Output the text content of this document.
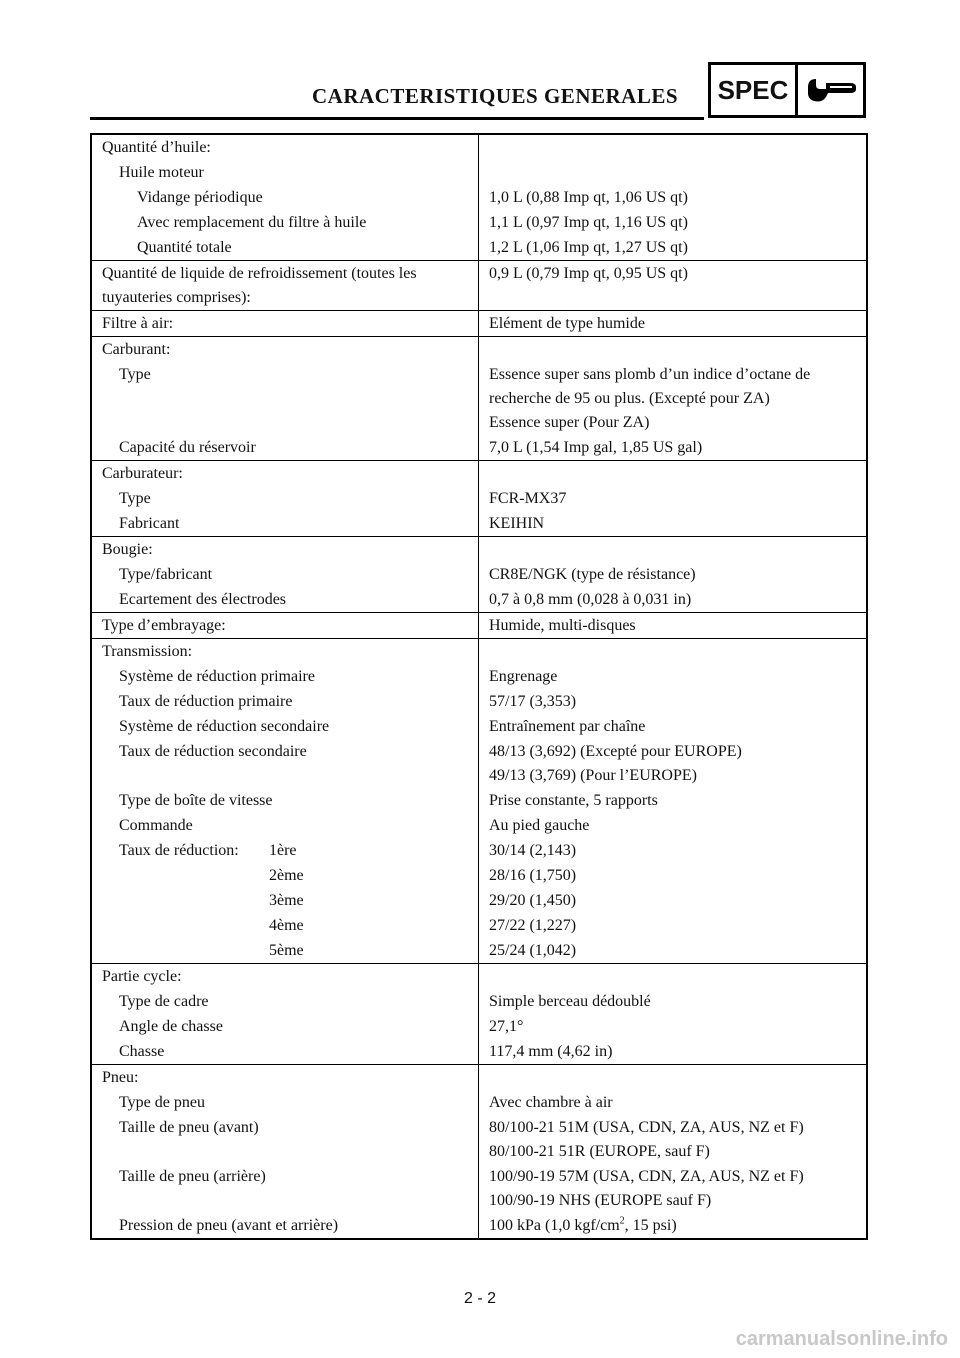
CARACTERISTIQUES GENERALES SPEC
Quantité d’huile:	
Huile moteur	
Vidange périodique	1,0 L (0,88 Imp qt, 1,06 US qt)
Avec remplacement du filtre à huile	1,1 L (0,97 Imp qt, 1,16 US qt)
Quantité totale	1,2 L (1,06 Imp qt, 1,27 US qt)
Quantité de liquide de refroidissement (toutes les tuyauteries comprises):	0,9 L (0,79 Imp qt, 0,95 US qt)
Filtre à air:	Elément de type humide
Carburant:	
Type	Essence super sans plomb d’un indice d’octane de recherche de 95 ou plus. (Excepté pour ZA)
Essence super (Pour ZA)
Capacité du réservoir	7,0 L (1,54 Imp gal, 1,85 US gal)
Carburateur:	
Type	FCR-MX37
Fabricant	KEIHIN
Bougie:	
Type/fabricant	CR8E/NGK (type de résistance)
Ecartement des électrodes	0,7 à 0,8 mm (0,028 à 0,031 in)
Type d’embrayage:	Humide, multi-disques
Transmission:	
Système de réduction primaire	Engrenage
Taux de réduction primaire	57/17 (3,353)
Système de réduction secondaire	Entraînement par chaîne
Taux de réduction secondaire	48/13 (3,692) (Excepté pour EUROPE)
49/13 (3,769) (Pour l’EUROPE)
Type de boîte de vitesse	Prise constante, 5 rapports
Commande	Au pied gauche
Taux de réduction: 1ère	30/14 (2,143)
2ème	28/16 (1,750)
3ème	29/20 (1,450)
4ème	27/22 (1,227)
5ème	25/24 (1,042)
Partie cycle:	
Type de cadre	Simple berceau dédoublé
Angle de chasse	27,1°
Chasse	117,4 mm (4,62 in)
Pneu:	
Type de pneu	Avec chambre à air
Taille de pneu (avant)	80/100-21 51M (USA, CDN, ZA, AUS, NZ et F)
80/100-21 51R (EUROPE, sauf F)
Taille de pneu (arrière)	100/90-19 57M (USA, CDN, ZA, AUS, NZ et F)
100/90-19 NHS (EUROPE sauf F)
Pression de pneu (avant et arrière)	100 kPa (1,0 kgf/$cm^2$, 15 psi)
2 - 2
carmanualsonline.info
